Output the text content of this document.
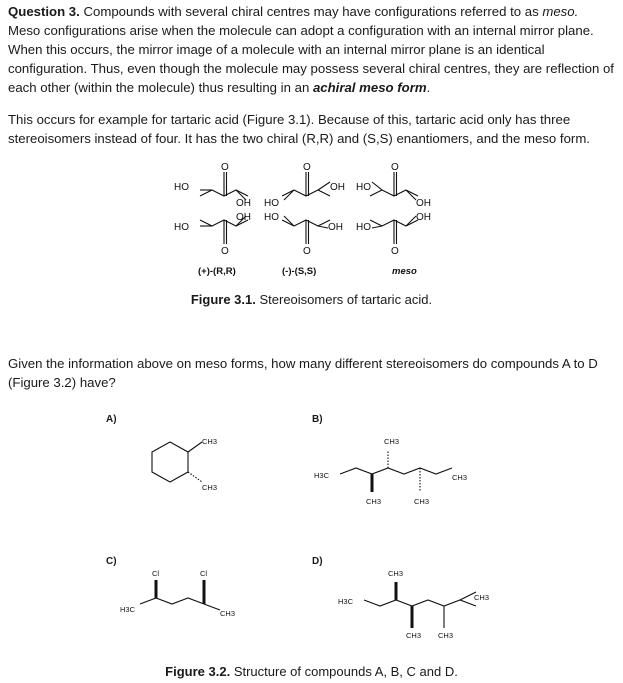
Question 3. Compounds with several chiral centres may have configurations referred to as meso. Meso configurations arise when the molecule can adopt a configuration with an internal mirror plane. When this occurs, the mirror image of a molecule with an internal mirror plane is an identical configuration. Thus, even though the molecule may possess several chiral centres, they are reflection of each other (within the molecule) thus resulting in an achiral meso form.

This occurs for example for tartaric acid (Figure 3.1). Because of this, tartaric acid only has three stereoisomers instead of four. It has the two chiral (R,R) and (S,S) enantiomers, and the meso form.

O
O
HO
HO
OH
OH
O
O
HO
HO
OH
OH
O
O
HO
HO
OH
OH
(+)-(R,R)	(-)-(S,S)	meso
Figure 3.1. Stereoisomers of tartaric acid.

Given the information above on meso forms, how many different stereoisomers do compounds A to D (Figure 3.2) have?

A)	B)
C)	D)
CH3
CH3
H3C
CH3
CH3	CH3
CH3
H3C
Cl	Cl
CH3
H3C
CH3
CH3 CH3
CH3
Figure 3.2. Structure of compounds A, B, C and D.
